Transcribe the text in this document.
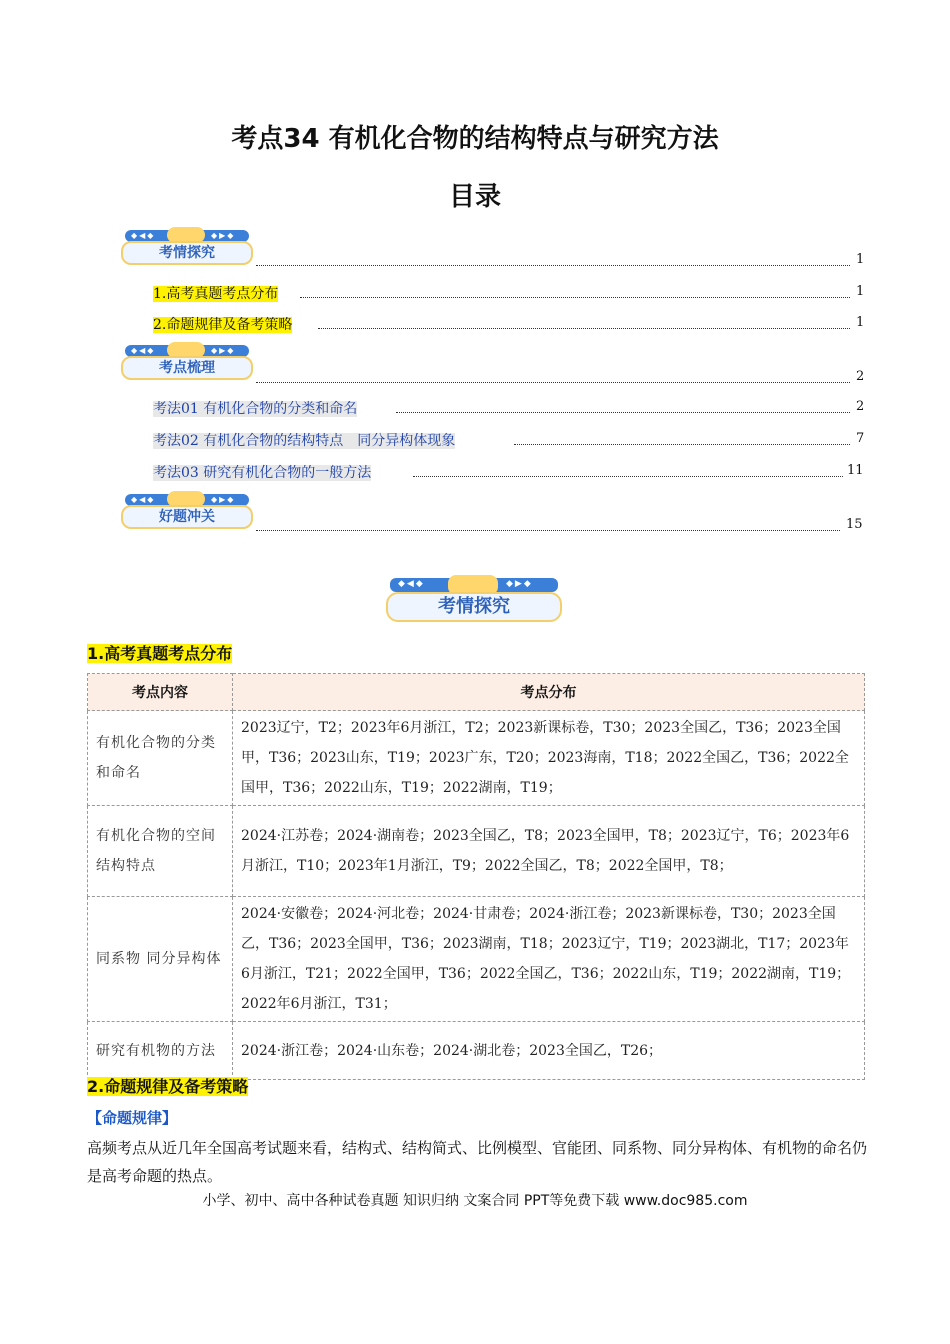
考点34 有机化合物的结构特点与研究方法
目录
◆◀◆	◆▶◆
考情探究	1
1.高考真题考点分布	1
2.命题规律及备考策略	1
◆◀◆	◆▶◆
考点梳理
2
考法01 有机化合物的分类和命名	2
考法02 有机化合物的结构特点　同分异构体现象	7
考法03 研究有机化合物的一般方法	11
◆◀◆	◆▶◆
好题冲关	15
◆◀◆	◆▶◆
考情探究
1.高考真题考点分布
考点内容	考点分布
有机化合物的分类和命名	2023辽宁，T2；2023年6月浙江，T2；2023新课标卷，T30；2023全国乙，T36；2023全国甲，T36；2023山东，T19；2023广东，T20；2023海南，T18；2022全国乙，T36；2022全国甲，T36；2022山东，T19；2022湖南，T19；
有机化合物的空间结构特点	2024·江苏卷；2024·湖南卷；2023全国乙，T8；2023全国甲，T8；2023辽宁，T6；2023年6月浙江，T10；2023年1月浙江，T9；2022全国乙，T8；2022全国甲，T8；
同系物 同分异构体	2024·安徽卷；2024·河北卷；2024·甘肃卷；2024·浙江卷；2023新课标卷，T30；2023全国乙，T36；2023全国甲，T36；2023湖南，T18；2023辽宁，T19；2023湖北，T17；2023年6月浙江，T21；2022全国甲，T36；2022全国乙，T36；2022山东，T19；2022湖南，T19；2022年6月浙江，T31；
研究有机物的方法	2024·浙江卷；2024·山东卷；2024·湖北卷；2023全国乙，T26；
2.命题规律及备考策略
【命题规律】
高频考点从近几年全国高考试题来看，结构式、结构简式、比例模型、官能团、同系物、同分异构体、有机物的命名仍是高考命题的热点。
小学、初中、高中各种试卷真题 知识归纳 文案合同 PPT等免费下载 www.doc985.com
